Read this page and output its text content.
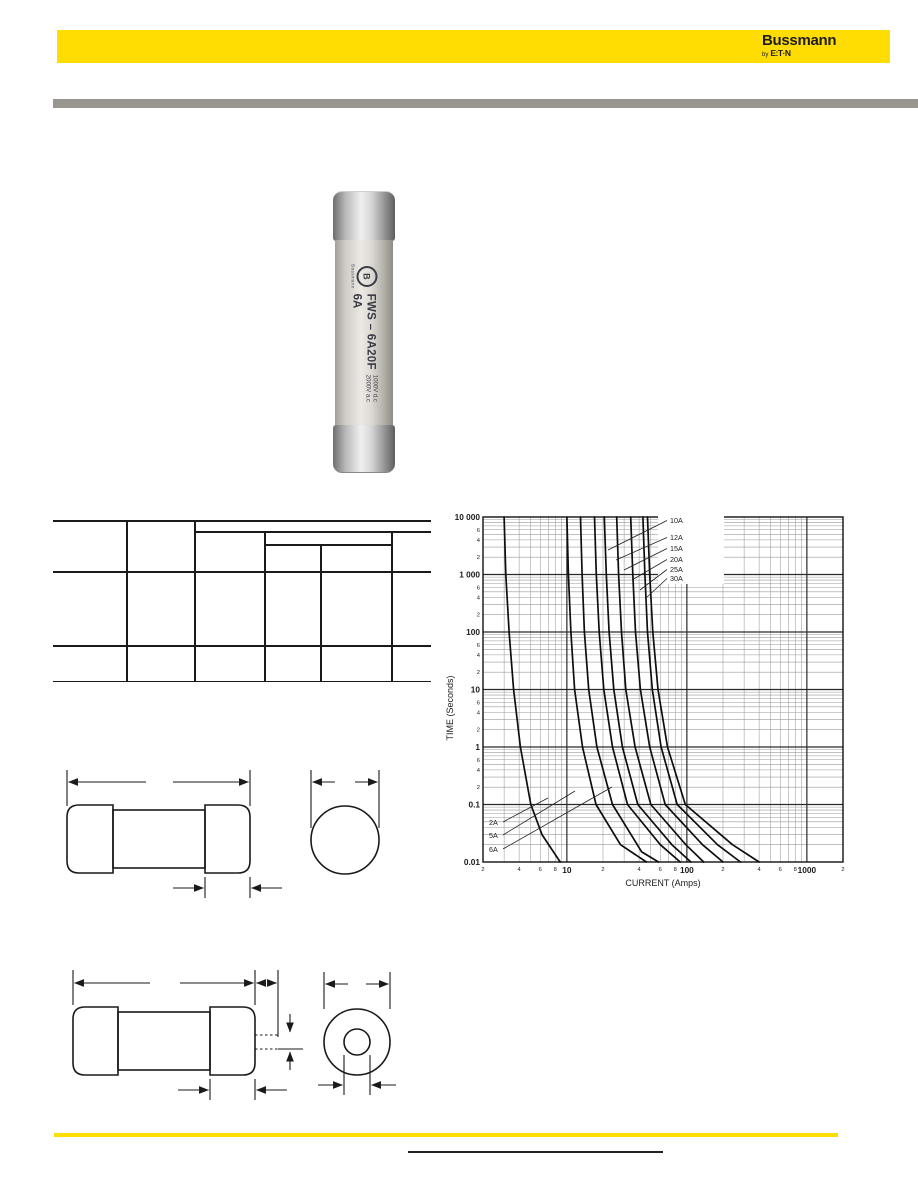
Bussmann
by E:T·N
B
Bussmann
FWS – 6A20F
1000V d.c
2000V a.c
6A
10 000
1 000
100
10
1
0.1
0.01
6
4
2
6
4
2
6
4
2
6
4
2
6
4
2
10	100	1000
2	4	6 8	2	4	6 8	2	4	6 8	2
CURRENT (Amps)
TIME (Seconds)
10A
12A
15A
20A
25A
30A
2A
5A
6A
